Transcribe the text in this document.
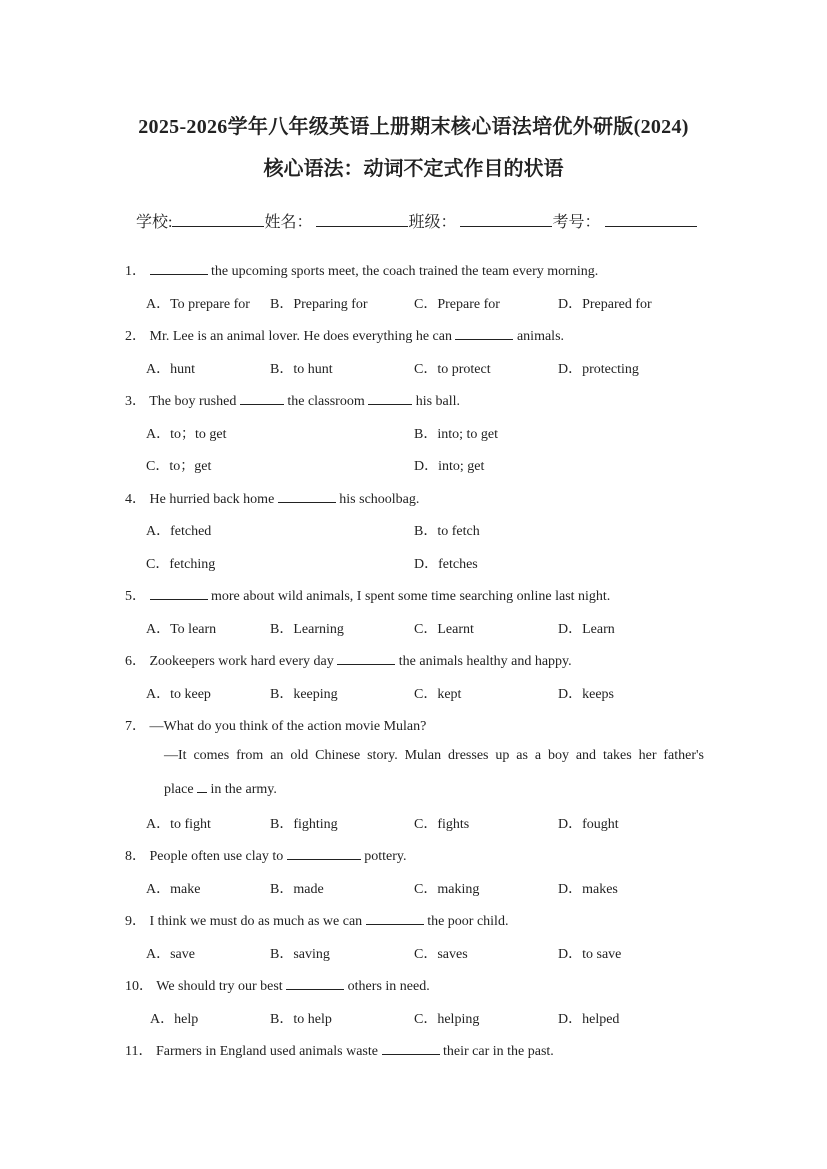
2025-2026学年八年级英语上册期末核心语法培优外研版(2024)
核心语法：动词不定式作目的状语
学校:	姓名：	班级：	考号：
1．	the upcoming sports meet, the coach trained the team every morning.
A．To prepare for B．Preparing for	C．Prepare for	D．Prepared for
2． Mr. Lee is an animal lover. He does everything he can	animals.
A．hunt	B．to hunt	C．to protect	D．protecting
3． The boy rushed	the classroom	his ball.
A．to；to get	B．into; to get
C．to；get	D．into; get
4． He hurried back home	his schoolbag.
A．fetched	B．to fetch
C．fetching	D．fetches
5．	more about wild animals, I spent some time searching online last night.
A．To learn	B．Learning	C．Learnt	D．Learn
6． Zookeepers work hard every day	the animals healthy and happy.
A．to keep	B．keeping	C．kept	D．keeps
7． —What do you think of the action movie Mulan?
—It comes from an old Chinese story. Mulan dresses up as a boy and takes her father's
place in the army.
A．to fight	B．fighting	C．fights	D．fought
8． People often use clay to	pottery.
A．make	B．made	C．making	D．makes
9． I think we must do as much as we can	the poor child.
A．save	B．saving	C．saves	D．to save
10． We should try our best	others in need.
A．help	B．to help	C．helping	D．helped
11． Farmers in England used animals waste	their car in the past.
